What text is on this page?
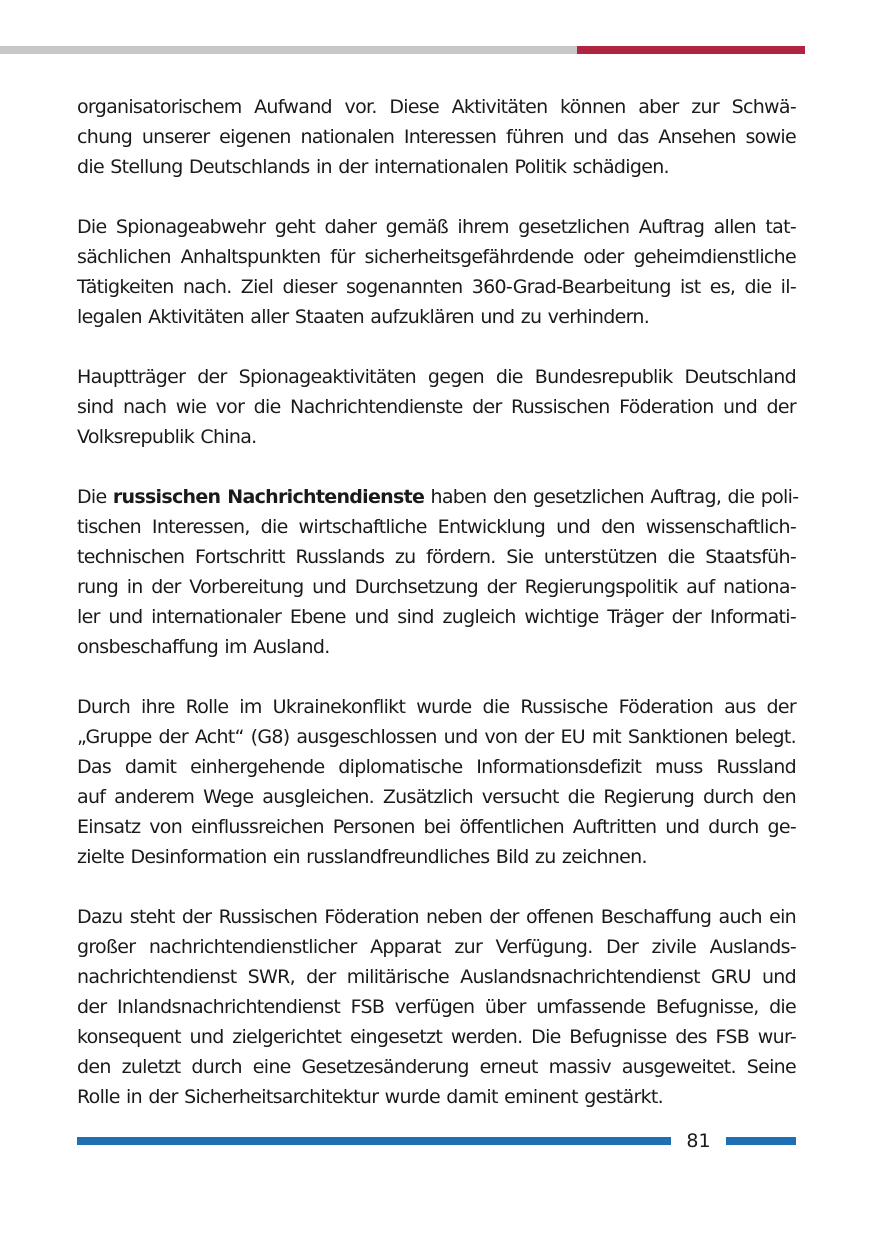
organisatorischem Aufwand vor. Diese Aktivitäten können aber zur Schwä-
chung unserer eigenen nationalen Interessen führen und das Ansehen sowie
die Stellung Deutschlands in der internationalen Politik schädigen.

Die Spionageabwehr geht daher gemäß ihrem gesetzlichen Auftrag allen tat-
sächlichen Anhaltspunkten für sicherheitsgefährdende oder geheimdienstliche
Tätigkeiten nach. Ziel dieser sogenannten 360-Grad-Bearbeitung ist es, die il-
legalen Aktivitäten aller Staaten aufzuklären und zu verhindern.

Hauptträger der Spionageaktivitäten gegen die Bundesrepublik Deutschland
sind nach wie vor die Nachrichtendienste der Russischen Föderation und der
Volksrepublik China.

Die russischen Nachrichtendienste haben den gesetzlichen Auftrag, die poli-
tischen Interessen, die wirtschaftliche Entwicklung und den wissenschaftlich-
technischen Fortschritt Russlands zu fördern. Sie unterstützen die Staatsfüh-
rung in der Vorbereitung und Durchsetzung der Regierungspolitik auf nationa-
ler und internationaler Ebene und sind zugleich wichtige Träger der Informati-
onsbeschaffung im Ausland.

Durch ihre Rolle im Ukrainekonflikt wurde die Russische Föderation aus der
„Gruppe der Acht“ (G8) ausgeschlossen und von der EU mit Sanktionen belegt.
Das damit einhergehende diplomatische Informationsdefizit muss Russland
auf anderem Wege ausgleichen. Zusätzlich versucht die Regierung durch den
Einsatz von einflussreichen Personen bei öffentlichen Auftritten und durch ge-
zielte Desinformation ein russlandfreundliches Bild zu zeichnen.

Dazu steht der Russischen Föderation neben der offenen Beschaffung auch ein
großer nachrichtendienstlicher Apparat zur Verfügung. Der zivile Auslands-
nachrichtendienst SWR, der militärische Auslandsnachrichtendienst GRU und
der Inlandsnachrichtendienst FSB verfügen über umfassende Befugnisse, die
konsequent und zielgerichtet eingesetzt werden. Die Befugnisse des FSB wur-
den zuletzt durch eine Gesetzesänderung erneut massiv ausgeweitet. Seine
Rolle in der Sicherheitsarchitektur wurde damit eminent gestärkt.

81
